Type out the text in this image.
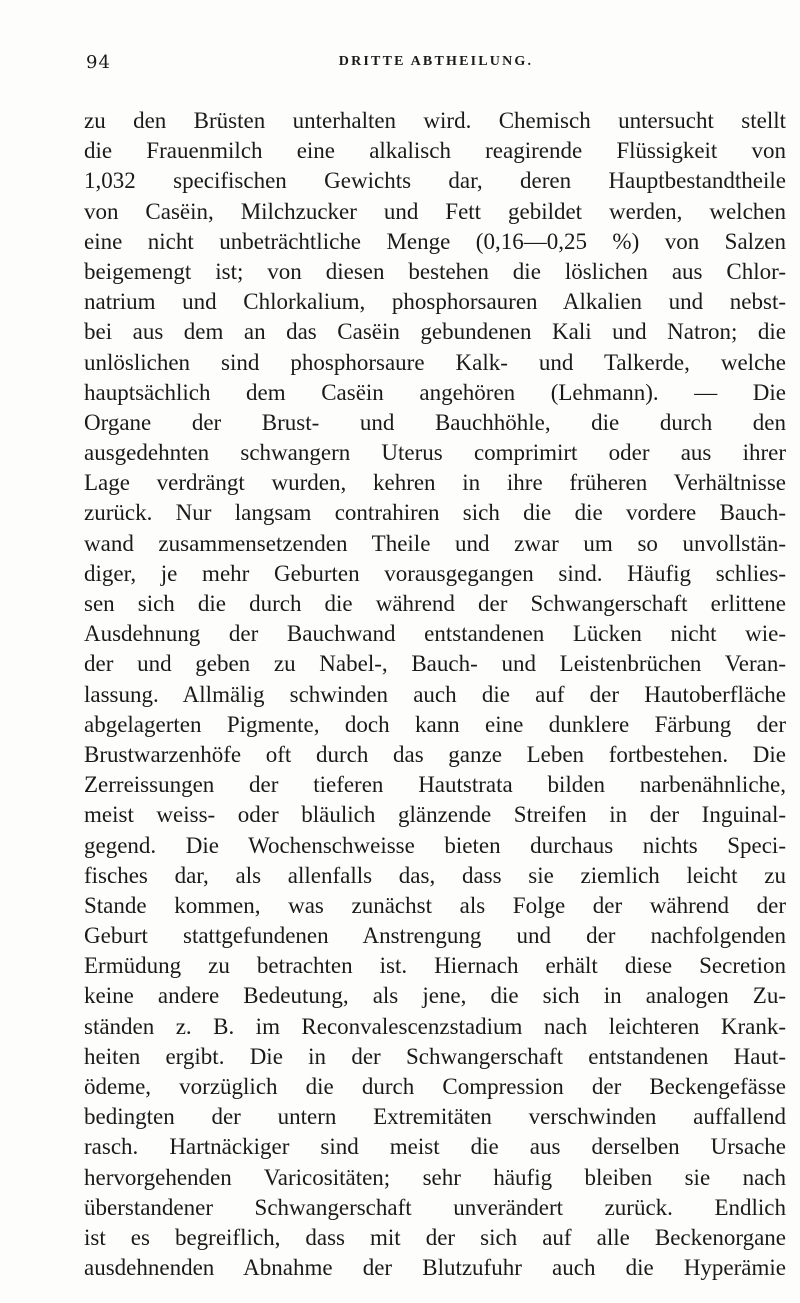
94	DRITTE ABTHEILUNG.
zu den Brüsten unterhalten wird. Chemisch untersucht stellt
die Frauenmilch eine alkalisch reagirende Flüssigkeit von
1,032 specifischen Gewichts dar, deren Hauptbestandtheile
von Casëin, Milchzucker und Fett gebildet werden, welchen
eine nicht unbeträchtliche Menge (0,16—0,25 %) von Salzen
beigemengt ist; von diesen bestehen die löslichen aus Chlor-
natrium und Chlorkalium, phosphorsauren Alkalien und nebst-
bei aus dem an das Casëin gebundenen Kali und Natron; die
unlöslichen sind phosphorsaure Kalk- und Talkerde, welche
hauptsächlich dem Casëin angehören (Lehmann). — Die
Organe der Brust- und Bauchhöhle, die durch den
ausgedehnten schwangern Uterus comprimirt oder aus ihrer
Lage verdrängt wurden, kehren in ihre früheren Verhältnisse
zurück. Nur langsam contrahiren sich die die vordere Bauch-
wand zusammensetzenden Theile und zwar um so unvollstän-
diger, je mehr Geburten vorausgegangen sind. Häufig schlies-
sen sich die durch die während der Schwangerschaft erlittene
Ausdehnung der Bauchwand entstandenen Lücken nicht wie-
der und geben zu Nabel-, Bauch- und Leistenbrüchen Veran-
lassung. Allmälig schwinden auch die auf der Hautoberfläche
abgelagerten Pigmente, doch kann eine dunklere Färbung der
Brustwarzenhöfe oft durch das ganze Leben fortbestehen. Die
Zerreissungen der tieferen Hautstrata bilden narbenähnliche,
meist weiss- oder bläulich glänzende Streifen in der Inguinal-
gegend. Die Wochenschweisse bieten durchaus nichts Speci-
fisches dar, als allenfalls das, dass sie ziemlich leicht zu
Stande kommen, was zunächst als Folge der während der
Geburt stattgefundenen Anstrengung und der nachfolgenden
Ermüdung zu betrachten ist. Hiernach erhält diese Secretion
keine andere Bedeutung, als jene, die sich in analogen Zu-
ständen z. B. im Reconvalescenzstadium nach leichteren Krank-
heiten ergibt. Die in der Schwangerschaft entstandenen Haut-
ödeme, vorzüglich die durch Compression der Beckengefässe
bedingten der untern Extremitäten verschwinden auffallend
rasch. Hartnäckiger sind meist die aus derselben Ursache
hervorgehenden Varicositäten; sehr häufig bleiben sie nach
überstandener Schwangerschaft unverändert zurück. Endlich
ist es begreiflich, dass mit der sich auf alle Beckenorgane
ausdehnenden Abnahme der Blutzufuhr auch die Hyperämie
